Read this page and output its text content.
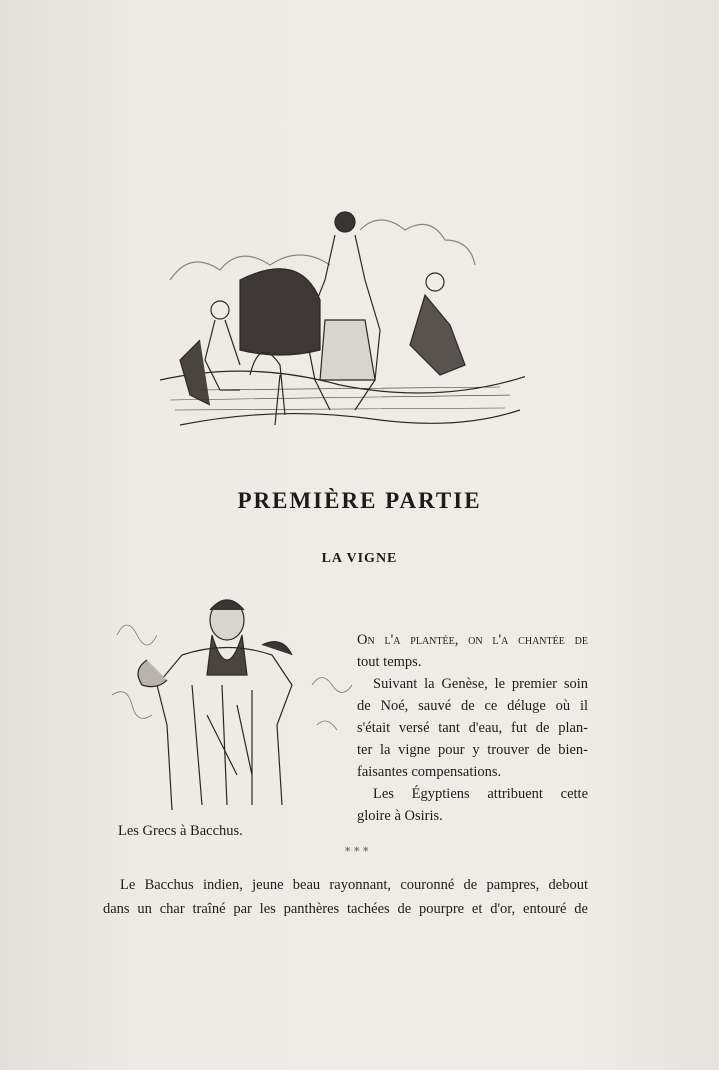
PREMIÈRE PARTIE
LA VIGNE
On l'a plantée, on l'a chantée de
tout temps.
Suivant la Genèse, le premier soin
de Noé, sauvé de ce déluge où il
s'était versé tant d'eau, fut de plan-
ter la vigne pour y trouver de bien-
faisantes compensations.
Les Égyptiens attribuent cette
gloire à Osiris.
Les Grecs à Bacchus.
* * *
Le Bacchus indien, jeune beau rayonnant, couronné de pampres, debout
dans un char traîné par les panthères tachées de pourpre et d'or, entouré de
